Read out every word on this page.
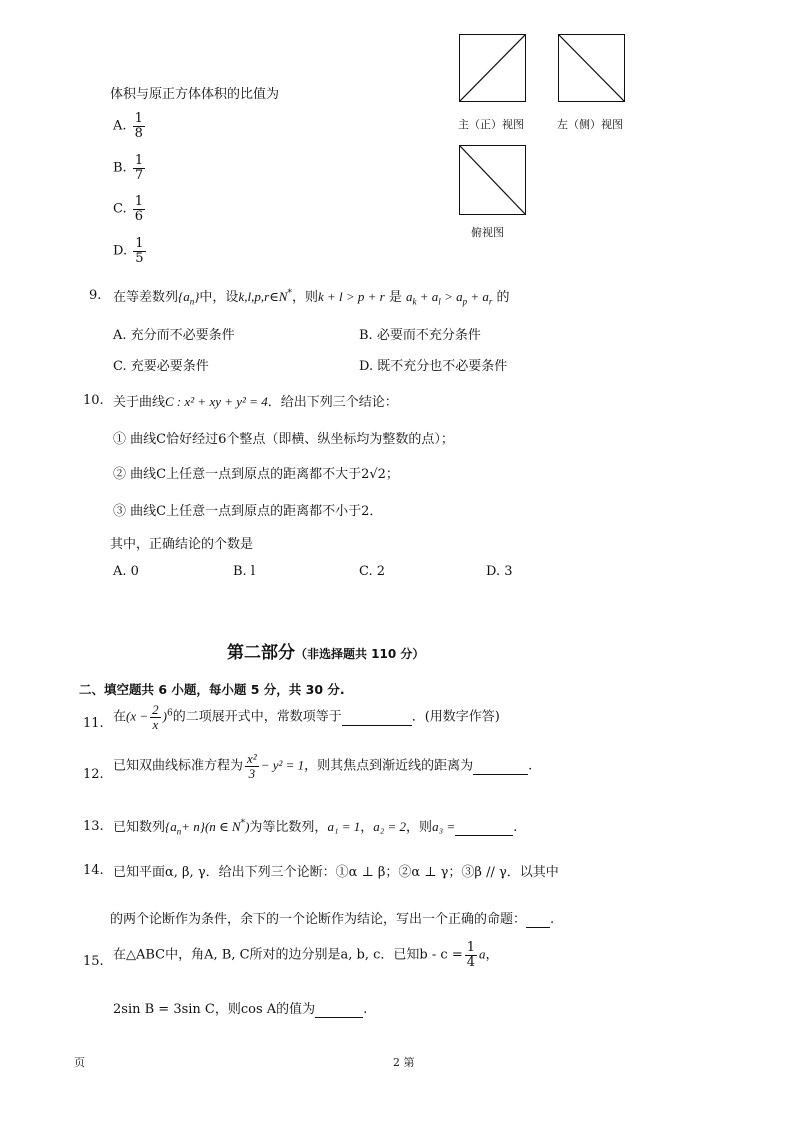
主（正）视图	左（侧）视图
俯视图
体积与原正方体体积的比值为
A. $\frac{1}{8}$
B. $\frac{1}{7}$
C. $\frac{1}{6}$
D. $\frac{1}{5}$
9. 在等差数列$\{a_n\}$中，设k,l,p,r∈N*，则k + l > p + r 是 $a_k + a_l > a_p + a_r$ 的
A. 充分而不必要条件	B. 必要而不充分条件
C. 充要必要条件	D. 既不充分也不必要条件
10. 关于曲线C : x² + xy + y² = 4．给出下列三个结论：
① 曲线C恰好经过6个整点（即横、纵坐标均为整数的点）；
② 曲线C上任意一点到原点的距离都不大于2√2；
③ 曲线C上任意一点到原点的距离都不小于2．
其中，正确结论的个数是
A. 0	B. l	C. 2	D. 3
第二部分（非选择题共 110 分）
二、填空题共 6 小题，每小题 5 分，共 30 分.
11. 在$(x - \frac{2}{x} )^6$的二项展开式中，常数项等于	．(用数字作答)
12.
已知双曲线标准方程为 $\frac{\text{x²}}{3} - y^2 = 1$，则其焦点到渐近线的距离为	.
13. 已知数列$\{a_n+ n\}(n$ ∈ N*)为等比数列，a₁ = 1，a₂ = 2，则a₃ =	.
14. 已知平面α, β, γ．给出下列三个论断：①α ⊥ β；②α ⊥ γ；③β // γ．以其中
的两个论断作为条件，余下的一个论断作为结论，写出一个正确的命题： .
15. 在△ABC中，角A, B, C所对的边分别是a, b, c．已知$b - c = \frac{1}{4}$ a，
2sin B = 3sin C，则cos A的值为	.
页	2 第
